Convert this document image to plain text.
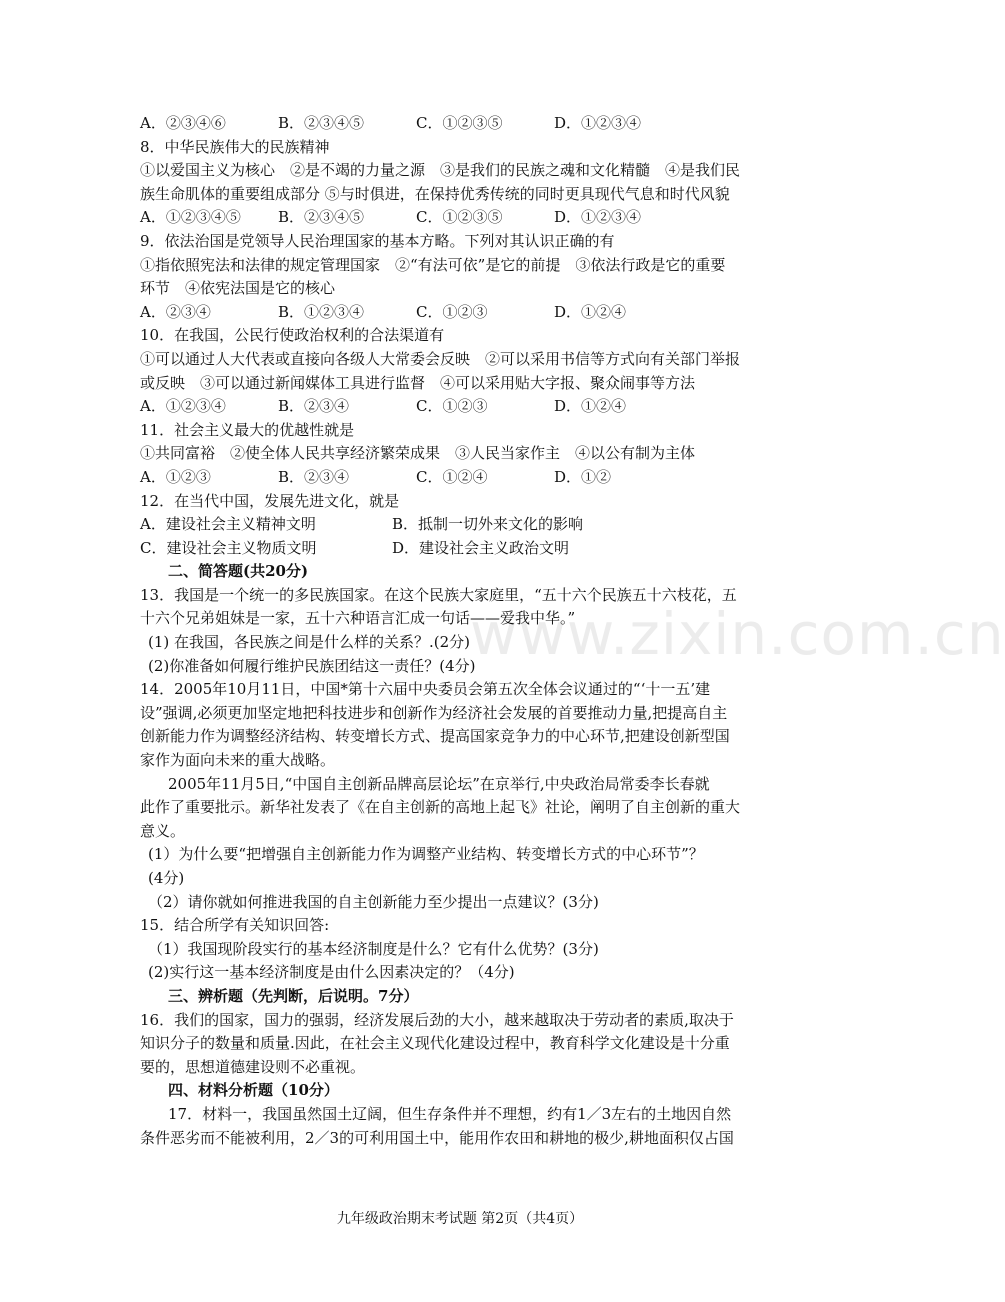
www.zixin.com.cn
A．②③④⑥	B．②③④⑤	C．①②③⑤	D．①②③④
8．中华民族伟大的民族精神
①以爱国主义为核心　②是不竭的力量之源　③是我们的民族之魂和文化精髓　④是我们民
族生命肌体的重要组成部分 ⑤与时俱进，在保持优秀传统的同时更具现代气息和时代风貌
A．①②③④⑤	B．②③④⑤	C．①②③⑤	D．①②③④
9．依法治国是党领导人民治理国家的基本方略。下列对其认识正确的有
①指依照宪法和法律的规定管理国家　②“有法可依”是它的前提　③依法行政是它的重要
环节　④依宪法国是它的核心
A．②③④	B．①②③④	C．①②③	D．①②④
10．在我国，公民行使政治权利的合法渠道有
①可以通过人大代表或直接向各级人大常委会反映　②可以采用书信等方式向有关部门举报
或反映　③可以通过新闻媒体工具进行监督　④可以采用贴大字报、聚众闹事等方法
A．①②③④	B．②③④	C．①②③	D．①②④
11．社会主义最大的优越性就是
①共同富裕　②使全体人民共享经济繁荣成果　③人民当家作主　④以公有制为主体
A．①②③	B．②③④	C．①②④	D．①②
12．在当代中国，发展先进文化，就是
A．建设社会主义精神文明	B．抵制一切外来文化的影响
C．建设社会主义物质文明	D．建设社会主义政治文明
二、简答题(共20分)
13．我国是一个统一的多民族国家。在这个民族大家庭里，“五十六个民族五十六枝花，五
十六个兄弟姐妹是一家，五十六种语言汇成一句话——爱我中华。”
(1) 在我国，各民族之间是什么样的关系？.(2分)
(2)你准备如何履行维护民族团结这一责任？(4分)
14．2005年10月11日，中国*第十六届中央委员会第五次全体会议通过的“‘十一五’建
设”强调,必须更加坚定地把科技进步和创新作为经济社会发展的首要推动力量,把提高自主
创新能力作为调整经济结构、转变增长方式、提高国家竞争力的中心环节,把建设创新型国
家作为面向未来的重大战略。
2005年11月5日,“中国自主创新品牌高层论坛”在京举行,中央政治局常委李长春就
此作了重要批示。新华社发表了《在自主创新的高地上起飞》社论，阐明了自主创新的重大
意义。
(1）为什么要“把增强自主创新能力作为调整产业结构、转变增长方式的中心环节”？
(4分)
（2）请你就如何推进我国的自主创新能力至少提出一点建议？(3分)
15．结合所学有关知识回答:
（1）我国现阶段实行的基本经济制度是什么？它有什么优势？(3分)
(2)实行这一基本经济制度是由什么因素决定的？（4分)
三、辨析题（先判断，后说明。7分）
16．我们的国家，国力的强弱，经济发展后劲的大小，越来越取决于劳动者的素质,取决于
知识分子的数量和质量.因此，在社会主义现代化建设过程中，教育科学文化建设是十分重
要的，思想道德建设则不必重视。
四、材料分析题（10分）
17．材料一，我国虽然国土辽阔，但生存条件并不理想，约有1／3左右的土地因自然
条件恶劣而不能被利用，2／3的可利用国土中，能用作农田和耕地的极少,耕地面积仅占国
九年级政治期末考试题 第2页（共4页）
